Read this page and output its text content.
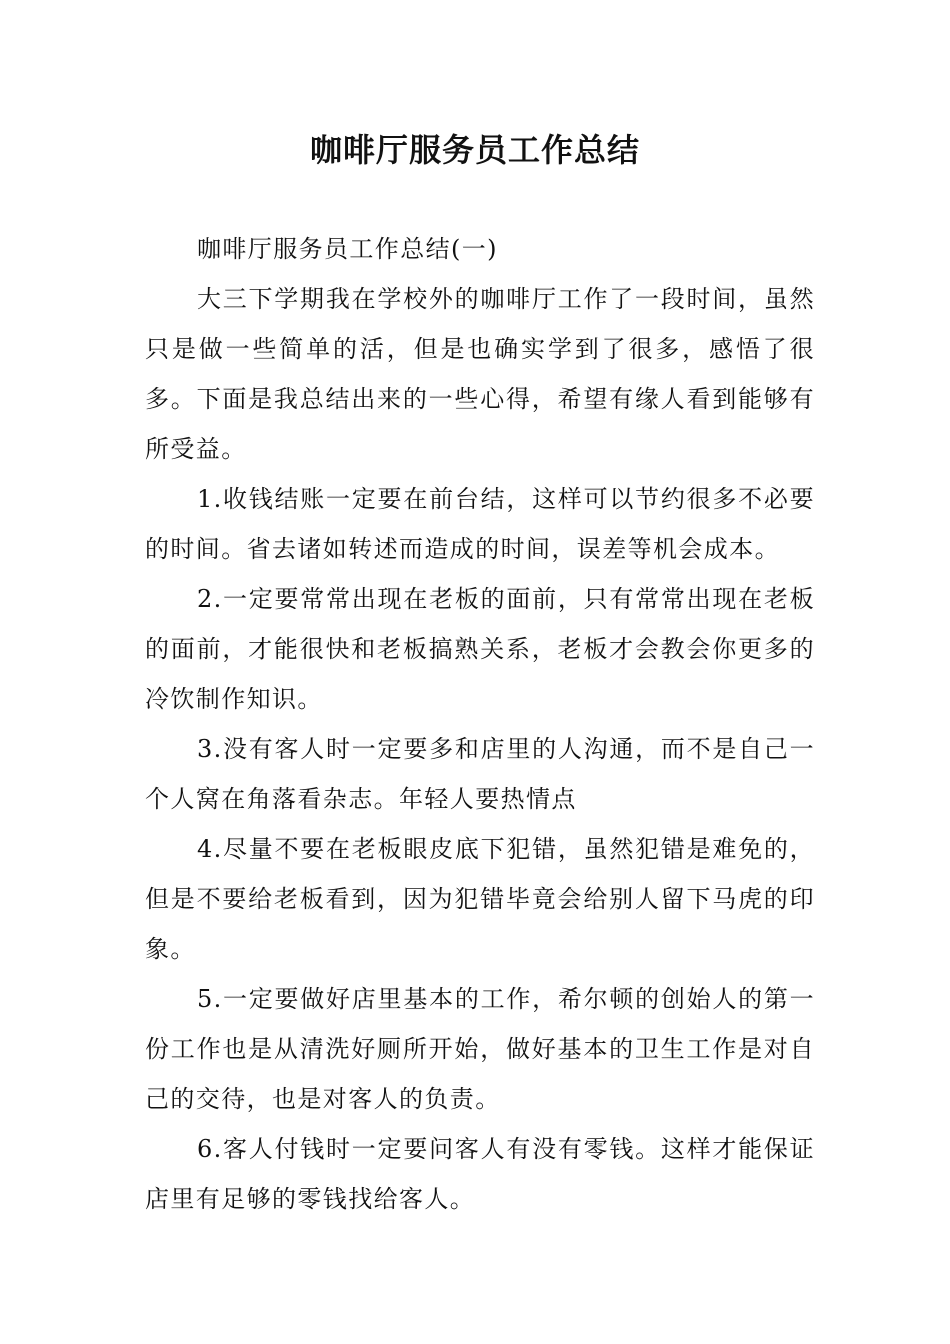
咖啡厅服务员工作总结

咖啡厅服务员工作总结(一)

大三下学期我在学校外的咖啡厅工作了一段时间，虽然只是做一些简单的活，但是也确实学到了很多，感悟了很多。下面是我总结出来的一些心得，希望有缘人看到能够有所受益。

1.收钱结账一定要在前台结，这样可以节约很多不必要的时间。省去诸如转述而造成的时间，误差等机会成本。

2.一定要常常出现在老板的面前，只有常常出现在老板的面前，才能很快和老板搞熟关系，老板才会教会你更多的冷饮制作知识。

3.没有客人时一定要多和店里的人沟通，而不是自己一个人窝在角落看杂志。年轻人要热情点

4.尽量不要在老板眼皮底下犯错，虽然犯错是难免的，但是不要给老板看到，因为犯错毕竟会给别人留下马虎的印象。

5.一定要做好店里基本的工作，希尔顿的创始人的第一份工作也是从清洗好厕所开始，做好基本的卫生工作是对自己的交待，也是对客人的负责。

6.客人付钱时一定要问客人有没有零钱。这样才能保证店里有足够的零钱找给客人。
